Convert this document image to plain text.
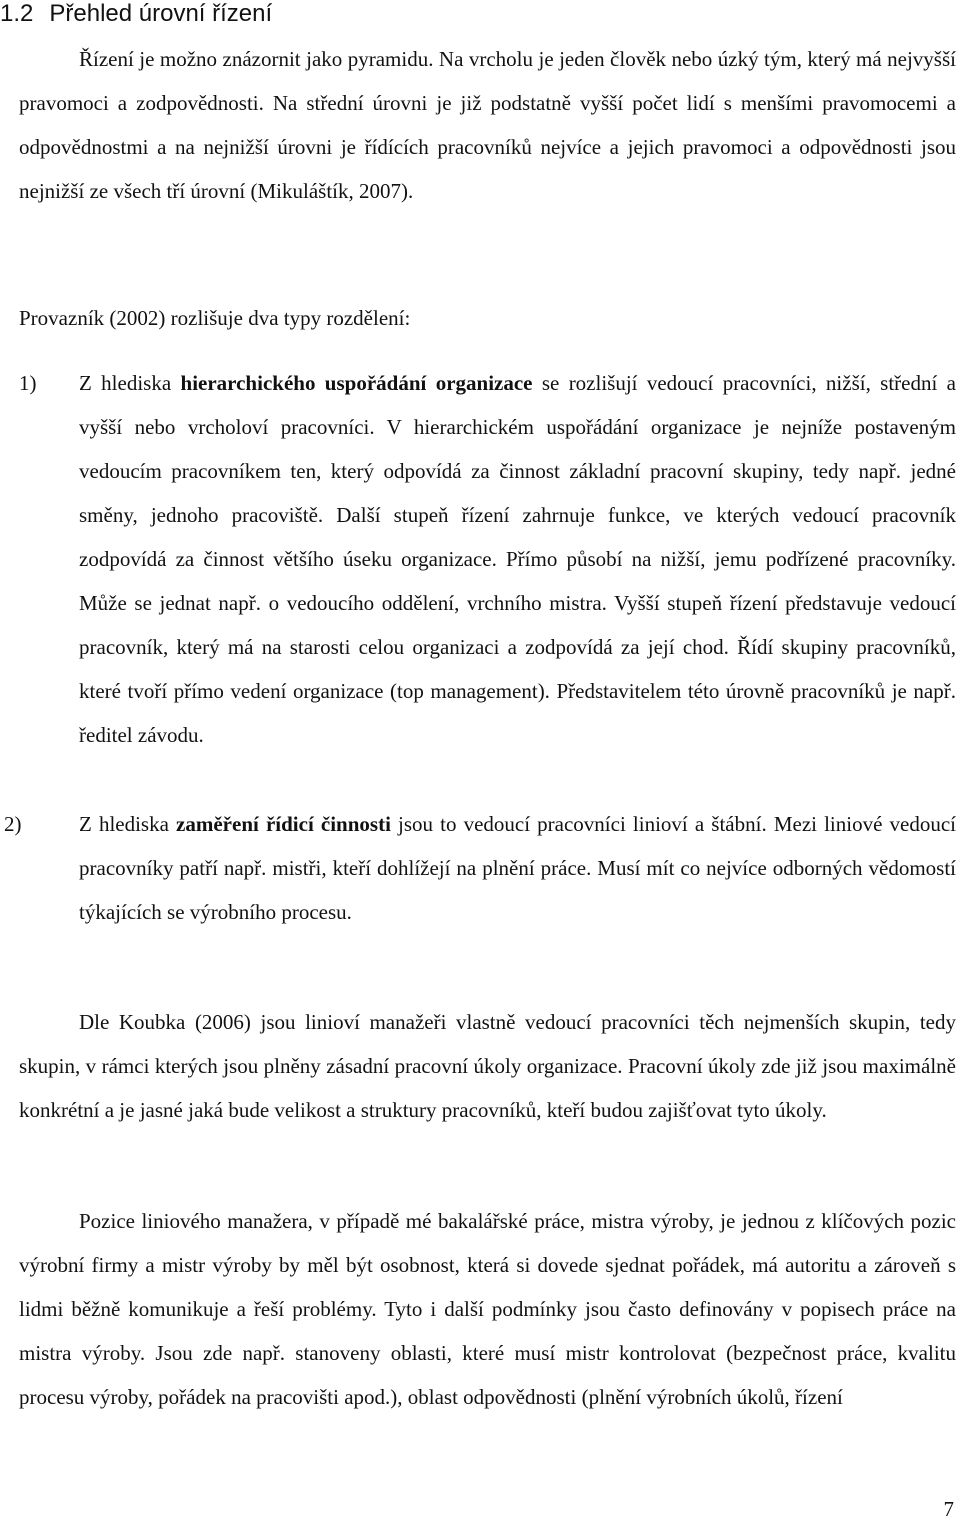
1.2 Přehled úrovní řízení

Řízení je možno znázornit jako pyramidu. Na vrcholu je jeden člověk nebo úzký tým, který má nejvyšší pravomoci a zodpovědnosti. Na střední úrovni je již podstatně vyšší počet lidí s menšími pravomocemi a odpovědnostmi a na nejnižší úrovni je řídících pracovníků nejvíce a jejich pravomoci a odpovědnosti jsou nejnižší ze všech tří úrovní (Mikuláštík, 2007).

Provazník (2002) rozlišuje dva typy rozdělení:

1) Z hlediska hierarchického uspořádání organizace se rozlišují vedoucí pracovníci, nižší, střední a vyšší nebo vrcholoví pracovníci. V hierarchickém uspořádání organizace je nejníže postaveným vedoucím pracovníkem ten, který odpovídá za činnost základní pracovní skupiny, tedy např. jedné směny, jednoho pracoviště. Další stupeň řízení zahrnuje funkce, ve kterých vedoucí pracovník zodpovídá za činnost většího úseku organizace. Přímo působí na nižší, jemu podřízené pracovníky. Může se jednat např. o vedoucího oddělení, vrchního mistra. Vyšší stupeň řízení představuje vedoucí pracovník, který má na starosti celou organizaci a zodpovídá za její chod. Řídí skupiny pracovníků, které tvoří přímo vedení organizace (top management). Představitelem této úrovně pracovníků je např. ředitel závodu.

2)	Z hlediska zaměření řídicí činnosti jsou to vedoucí pracovníci linioví a štábní. Mezi liniové vedoucí pracovníky patří např. mistři, kteří dohlížejí na plnění práce. Musí mít co nejvíce odborných vědomostí týkajících se výrobního procesu.

Dle Koubka (2006) jsou linioví manažeři vlastně vedoucí pracovníci těch nejmenších skupin, tedy skupin, v rámci kterých jsou plněny zásadní pracovní úkoly organizace. Pracovní úkoly zde již jsou maximálně konkrétní a je jasné jaká bude velikost a struktury pracovníků, kteří budou zajišťovat tyto úkoly.

Pozice liniového manažera, v případě mé bakalářské práce, mistra výroby, je jednou z klíčových pozic výrobní firmy a mistr výroby by měl být osobnost, která si dovede sjednat pořádek, má autoritu a zároveň s lidmi běžně komunikuje a řeší problémy. Tyto i další podmínky jsou často definovány v popisech práce na mistra výroby. Jsou zde např. stanoveny oblasti, které musí mistr kontrolovat (bezpečnost práce, kvalitu procesu výroby, pořádek na pracovišti apod.), oblast odpovědnosti (plnění výrobních úkolů, řízení

7
